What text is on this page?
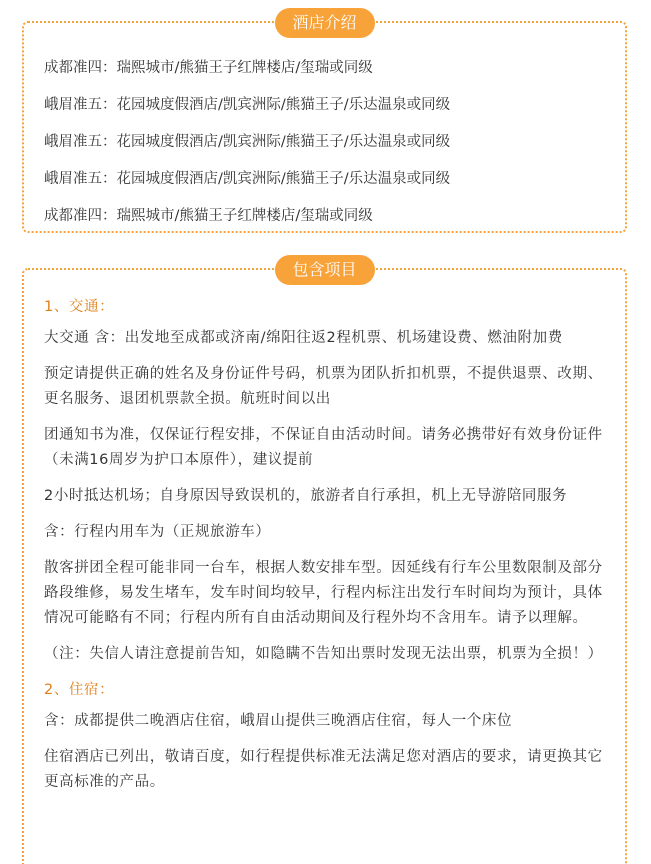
酒店介绍
成都准四：瑞熙城市/熊猫王子红牌楼店/玺瑞或同级
峨眉准五：花园城度假酒店/凯宾洲际/熊猫王子/乐达温泉或同级
峨眉准五：花园城度假酒店/凯宾洲际/熊猫王子/乐达温泉或同级
峨眉准五：花园城度假酒店/凯宾洲际/熊猫王子/乐达温泉或同级
成都准四：瑞熙城市/熊猫王子红牌楼店/玺瑞或同级
包含项目

1、交通：

大交通 含：出发地至成都或济南/绵阳往返2程机票、机场建设费、燃油附加费

预定请提供正确的姓名及身份证件号码，机票为团队折扣机票，不提供退票、改期、更名服务、退团机票款全损。航班时间以出

团通知书为准，仅保证行程安排，不保证自由活动时间。请务必携带好有效身份证件（未满16周岁为护口本原件），建议提前

2小时抵达机场；自身原因导致误机的，旅游者自行承担，机上无导游陪同服务

含：行程内用车为（正规旅游车）

散客拼团全程可能非同一台车，根据人数安排车型。因延线有行车公里数限制及部分路段维修，易发生堵车，发车时间均较早，行程内标注出发行车时间均为预计，具体情况可能略有不同；行程内所有自由活动期间及行程外均不含用车。请予以理解。

（注：失信人请注意提前告知，如隐瞒不告知出票时发现无法出票，机票为全损！）

2、住宿：

含：成都提供二晚酒店住宿，峨眉山提供三晚酒店住宿，每人一个床位

住宿酒店已列出，敬请百度，如行程提供标准无法满足您对酒店的要求，请更换其它更高标准的产品。
